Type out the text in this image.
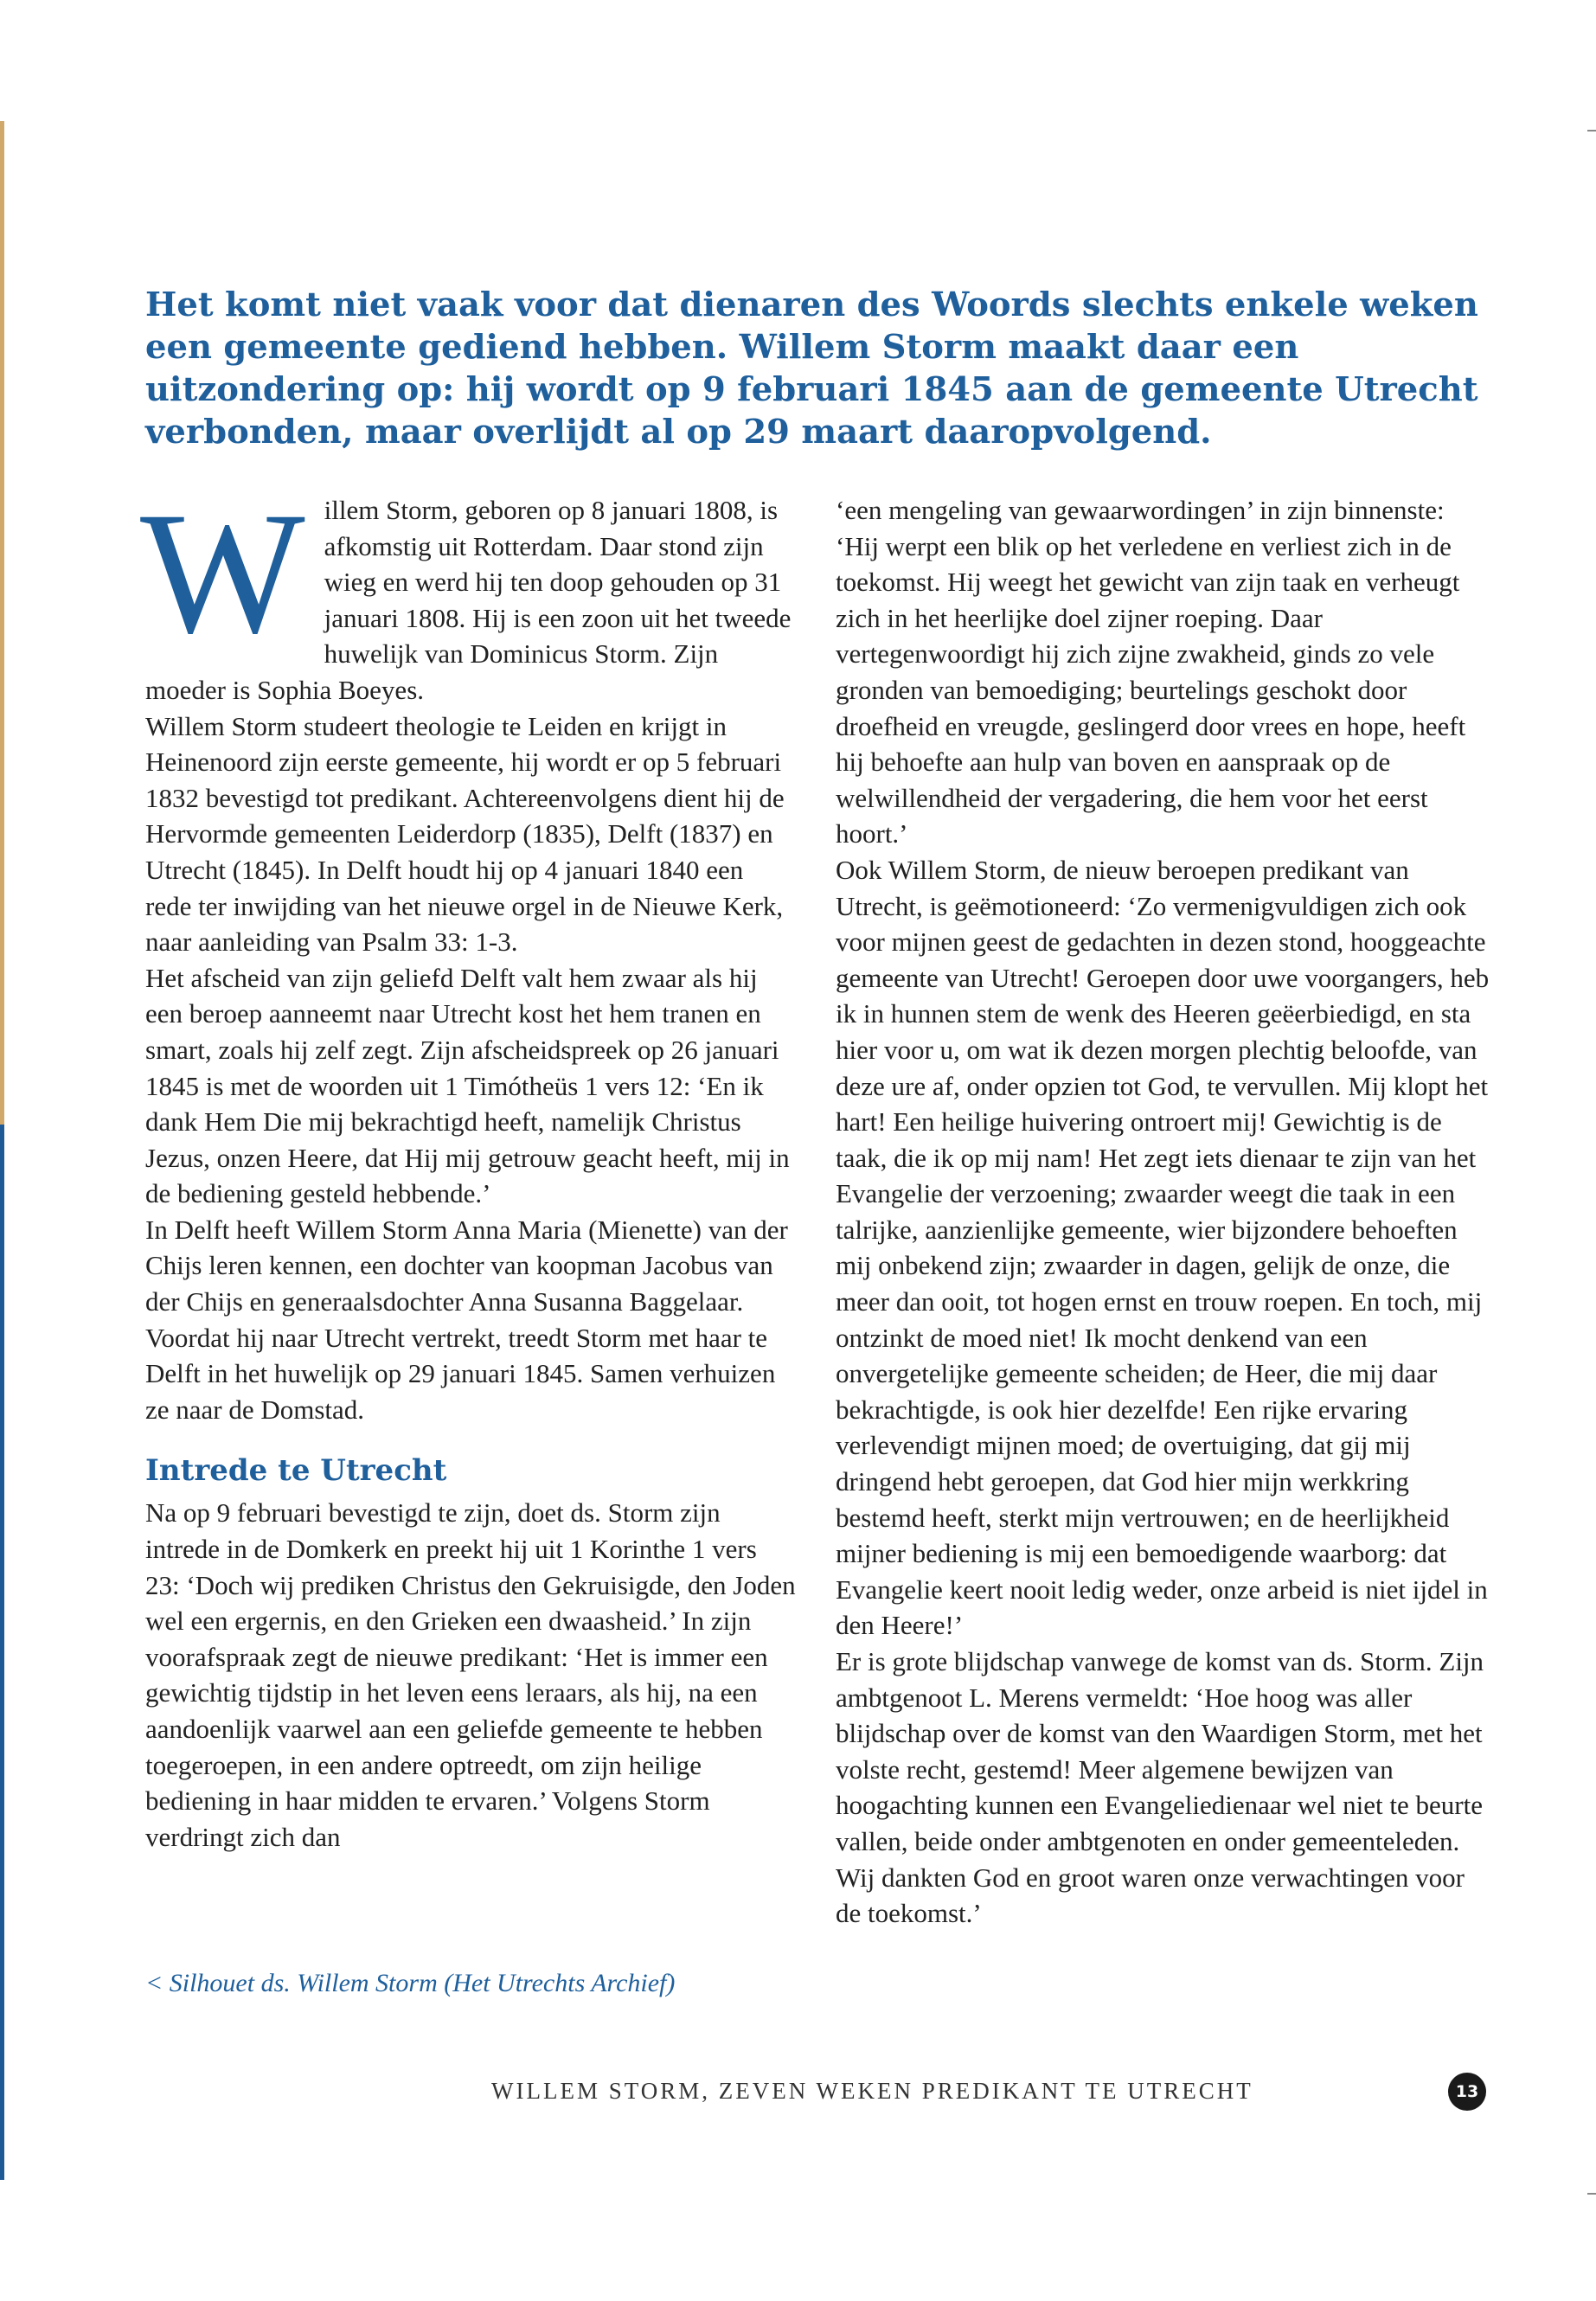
Het komt niet vaak voor dat dienaren des Woords slechts enkele weken een gemeente gediend hebben. Willem Storm maakt daar een uitzondering op: hij wordt op 9 februari 1845 aan de gemeente Utrecht verbonden, maar overlijdt al op 29 maart daaropvolgend.

W illem Storm, geboren op 8 januari 1808, is afkomstig uit Rotterdam. Daar stond zijn wieg en werd hij ten doop gehouden op 31 januari 1808. Hij is een zoon uit het tweede huwelijk van Dominicus Storm. Zijn moeder is Sophia Boeyes.

Willem Storm studeert theologie te Leiden en krijgt in Heinenoord zijn eerste gemeente, hij wordt er op 5 februari 1832 bevestigd tot predikant. Achtereenvolgens dient hij de Hervormde gemeenten Leiderdorp (1835), Delft (1837) en Utrecht (1845). In Delft houdt hij op 4 januari 1840 een rede ter inwijding van het nieuwe orgel in de Nieuwe Kerk, naar aanleiding van Psalm 33: 1-3.

Het afscheid van zijn geliefd Delft valt hem zwaar als hij een beroep aanneemt naar Utrecht kost het hem tranen en smart, zoals hij zelf zegt. Zijn afscheidspreek op 26 januari 1845 is met de woorden uit 1 Timótheüs 1 vers 12: ‘En ik dank Hem Die mij bekrachtigd heeft, namelijk Christus Jezus, onzen Heere, dat Hij mij getrouw geacht heeft, mij in de bediening gesteld hebbende.’

In Delft heeft Willem Storm Anna Maria (Mienette) van der Chijs leren kennen, een dochter van koopman Jacobus van der Chijs en generaalsdochter Anna Susanna Baggelaar. Voordat hij naar Utrecht vertrekt, treedt Storm met haar te Delft in het huwelijk op 29 januari 1845. Samen verhuizen ze naar de Domstad.

Intrede te Utrecht

Na op 9 februari bevestigd te zijn, doet ds. Storm zijn intrede in de Domkerk en preekt hij uit 1 Korinthe 1 vers 23: ‘Doch wij prediken Christus den Gekruisigde, den Joden wel een ergernis, en den Grieken een dwaasheid.’ In zijn voorafspraak zegt de nieuwe predikant: ‘Het is immer een gewichtig tijdstip in het leven eens leraars, als hij, na een aandoenlijk vaarwel aan een geliefde gemeente te hebben toegeroepen, in een andere optreedt, om zijn heilige bediening in haar midden te ervaren.’ Volgens Storm verdringt zich dan

< Silhouet ds. Willem Storm (Het Utrechts Archief)

‘een mengeling van gewaarwordingen’ in zijn binnenste: ‘Hij werpt een blik op het verledene en verliest zich in de toekomst. Hij weegt het gewicht van zijn taak en verheugt zich in het heerlijke doel zijner roeping. Daar vertegenwoordigt hij zich zijne zwakheid, ginds zo vele gronden van bemoediging; beurtelings geschokt door droefheid en vreugde, geslingerd door vrees en hope, heeft hij behoefte aan hulp van boven en aanspraak op de welwillendheid der vergadering, die hem voor het eerst hoort.’

Ook Willem Storm, de nieuw beroepen predikant van Utrecht, is geëmotioneerd: ‘Zo vermenigvuldigen zich ook voor mijnen geest de gedachten in dezen stond, hooggeachte gemeente van Utrecht! Geroepen door uwe voorgangers, heb ik in hunnen stem de wenk des Heeren geëerbiedigd, en sta hier voor u, om wat ik dezen morgen plechtig beloofde, van deze ure af, onder opzien tot God, te vervullen. Mij klopt het hart! Een heilige huivering ontroert mij! Gewichtig is de taak, die ik op mij nam! Het zegt iets dienaar te zijn van het Evangelie der verzoening; zwaarder weegt die taak in een talrijke, aanzienlijke gemeente, wier bijzondere behoeften mij onbekend zijn; zwaarder in dagen, gelijk de onze, die meer dan ooit, tot hogen ernst en trouw roepen. En toch, mij ontzinkt de moed niet! Ik mocht denkend van een onvergetelijke gemeente scheiden; de Heer, die mij daar bekrachtigde, is ook hier dezelfde! Een rijke ervaring verlevendigt mijnen moed; de overtuiging, dat gij mij dringend hebt geroepen, dat God hier mijn werkkring bestemd heeft, sterkt mijn vertrouwen; en de heerlijkheid mijner bediening is mij een bemoedigende waarborg: dat Evangelie keert nooit ledig weder, onze arbeid is niet ijdel in den Heere!’

Er is grote blijdschap vanwege de komst van ds. Storm. Zijn ambtgenoot L. Merens vermeldt: ‘Hoe hoog was aller blijdschap over de komst van den Waardigen Storm, met het volste recht, gestemd! Meer algemene bewijzen van hoogachting kunnen een Evangeliedienaar wel niet te beurte vallen, beide onder ambtgenoten en onder gemeenteleden. Wij dankten God en groot waren onze verwachtingen voor de toekomst.’

WILLEM STORM, ZEVEN WEKEN PREDIKANT TE UTRECHT	13
